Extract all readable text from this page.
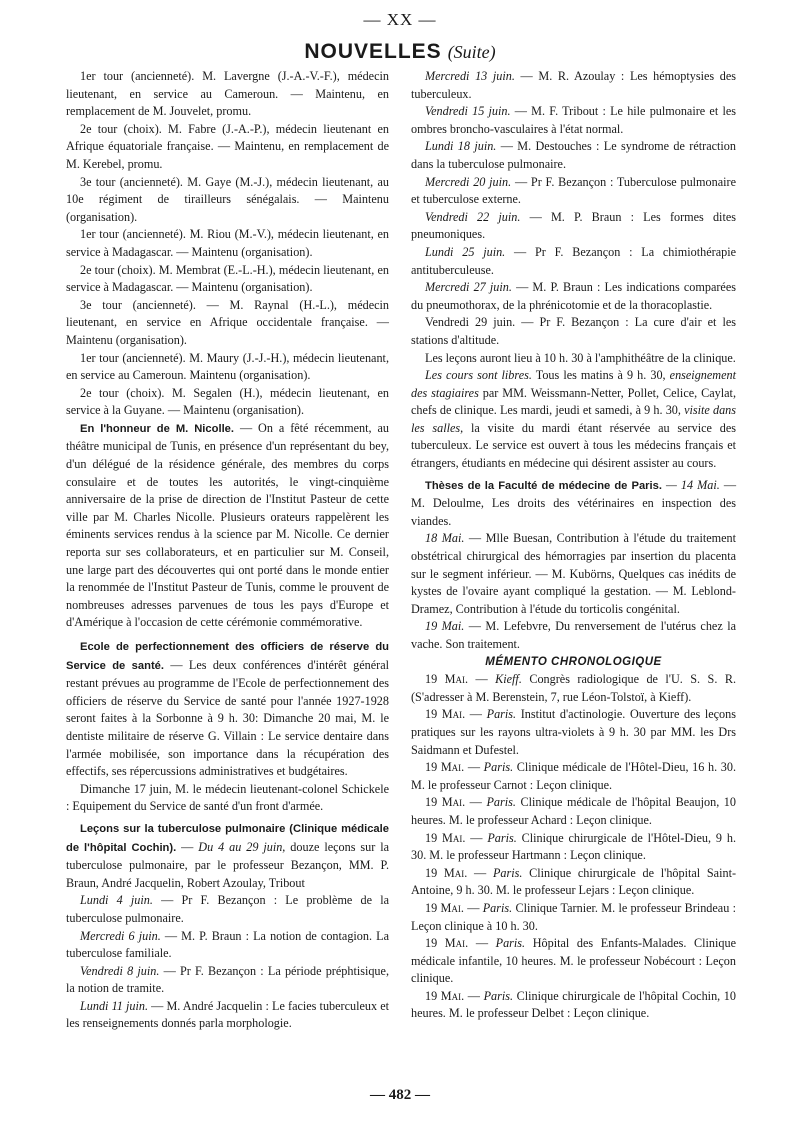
— XX —
NOUVELLES (Suite)

1er tour (ancienneté). M. Lavergne (J.-A.-V.-F.), médecin lieutenant, en service au Cameroun. — Maintenu, en remplacement de M. Jouvelet, promu.

2e tour (choix). M. Fabre (J.-A.-P.), médecin lieutenant en Afrique équatoriale française. — Maintenu, en remplacement de M. Kerebel, promu.

3e tour (ancienneté). M. Gaye (M.-J.), médecin lieutenant, au 10e régiment de tirailleurs sénégalais. — Maintenu (organisation).

1er tour (ancienneté). M. Riou (M.-V.), médecin lieutenant, en service à Madagascar. — Maintenu (organisation).

2e tour (choix). M. Membrat (E.-L.-H.), médecin lieutenant, en service à Madagascar. — Maintenu (organisation).

3e tour (ancienneté). — M. Raynal (H.-L.), médecin lieutenant, en service en Afrique occidentale française. — Maintenu (organisation).

1er tour (ancienneté). M. Maury (J.-J.-H.), médecin lieutenant, en service au Cameroun. Maintenu (organisation).

2e tour (choix). M. Segalen (H.), médecin lieutenant, en service à la Guyane. — Maintenu (organisation).

En l'honneur de M. Nicolle. — On a fêté récemment, au théâtre municipal de Tunis, en présence d'un représentant du bey, d'un délégué de la résidence générale, des membres du corps consulaire et de toutes les autorités, le vingt-cinquième anniversaire de la prise de direction de l'Institut Pasteur de cette ville par M. Charles Nicolle. Plusieurs orateurs rappelèrent les éminents services rendus à la science par M. Nicolle. Ce dernier reporta sur ses collaborateurs, et en particulier sur M. Conseil, une large part des découvertes qui ont porté dans le monde entier la renommée de l'Institut Pasteur de Tunis, comme le prouvent de nombreuses adresses parvenues de tous les pays d'Europe et d'Amérique à l'occasion de cette cérémonie commémorative.

Ecole de perfectionnement des officiers de réserve du Service de santé. — Les deux conférences d'intérêt général restant prévues au programme de l'Ecole de perfectionnement des officiers de réserve du Service de santé pour l'année 1927-1928 seront faites à la Sorbonne à 9 h. 30: Dimanche 20 mai, M. le dentiste militaire de réserve G. Villain : Le service dentaire dans l'armée mobilisée, son importance dans la récupération des effectifs, ses répercussions administratives et budgétaires.

Dimanche 17 juin, M. le médecin lieutenant-colonel Schickele : Equipement du Service de santé d'un front d'armée.

Leçons sur la tuberculose pulmonaire (Clinique médicale de l'hôpital Cochin). — Du 4 au 29 juin, douze leçons sur la tuberculose pulmonaire, par le professeur Bezançon, MM. P. Braun, André Jacquelin, Robert Azoulay, Tribout

Lundi 4 juin. — Pr F. Bezançon : Le problème de la tuberculose pulmonaire.

Mercredi 6 juin. — M. P. Braun : La notion de contagion. La tuberculose familiale.

Vendredi 8 juin. — Pr F. Bezançon : La période préphtisique, la notion de tramite.

Lundi 11 juin. — M. André Jacquelin : Le facies tuberculeux et les renseignements donnés parla morphologie.

Mercredi 13 juin. — M. R. Azoulay : Les hémoptysies des tuberculeux.

Vendredi 15 juin. — M. F. Tribout : Le hile pulmonaire et les ombres broncho-vasculaires à l'état normal.

Lundi 18 juin. — M. Destouches : Le syndrome de rétraction dans la tuberculose pulmonaire.

Mercredi 20 juin. — Pr F. Bezançon : Tuberculose pulmonaire et tuberculose externe.

Vendredi 22 juin. — M. P. Braun : Les formes dites pneumoniques.

Lundi 25 juin. — Pr F. Bezançon : La chimiothérapie antituberculeuse.

Mercredi 27 juin. — M. P. Braun : Les indications comparées du pneumothorax, de la phrénicotomie et de la thoracoplastie.

Vendredi 29 juin. — Pr F. Bezançon : La cure d'air et les stations d'altitude.

Les leçons auront lieu à 10 h. 30 à l'amphithéâtre de la clinique.

Les cours sont libres. Tous les matins à 9 h. 30, enseignement des stagiaires par MM. Weissmann-Netter, Pollet, Celice, Caylat, chefs de clinique. Les mardi, jeudi et samedi, à 9 h. 30, visite dans les salles, la visite du mardi étant réservée au service des tuberculeux. Le service est ouvert à tous les médecins français et étrangers, étudiants en médecine qui désirent assister au cours.

Thèses de la Faculté de médecine de Paris. — 14 Mai. — M. Deloulme, Les droits des vétérinaires en inspection des viandes.

18 Mai. — Mlle Buesan, Contribution à l'étude du traitement obstétrical chirurgical des hémorragies par insertion du placenta sur le segment inférieur. — M. Kubörns, Quelques cas inédits de kystes de l'ovaire ayant compliqué la gestation. — M. Leblond-Dramez, Contribution à l'étude du torticolis congénital.

19 Mai. — M. Lefebvre, Du renversement de l'utérus chez la vache. Son traitement.

MÉMENTO CHRONOLOGIQUE

19 Mai. — Kieff. Congrès radiologique de l'U. S. S. R. (S'adresser à M. Berenstein, 7, rue Léon-Tolstoï, à Kieff).

19 Mai. — Paris. Institut d'actinologie. Ouverture des leçons pratiques sur les rayons ultra-violets à 9 h. 30 par MM. les Drs Saidmann et Dufestel.

19 Mai. — Paris. Clinique médicale de l'Hôtel-Dieu, 16 h. 30. M. le professeur Carnot : Leçon clinique.

19 Mai. — Paris. Clinique médicale de l'hôpital Beaujon, 10 heures. M. le professeur Achard : Leçon clinique.

19 Mai. — Paris. Clinique chirurgicale de l'Hôtel-Dieu, 9 h. 30. M. le professeur Hartmann : Leçon clinique.

19 Mai. — Paris. Clinique chirurgicale de l'hôpital Saint-Antoine, 9 h. 30. M. le professeur Lejars : Leçon clinique.

19 Mai. — Paris. Clinique Tarnier. M. le professeur Brindeau : Leçon clinique à 10 h. 30.

19 Mai. — Paris. Hôpital des Enfants-Malades. Clinique médicale infantile, 10 heures. M. le professeur Nobécourt : Leçon clinique.

19 Mai. — Paris. Clinique chirurgicale de l'hôpital Cochin, 10 heures. M. le professeur Delbet : Leçon clinique.

— 482 —
